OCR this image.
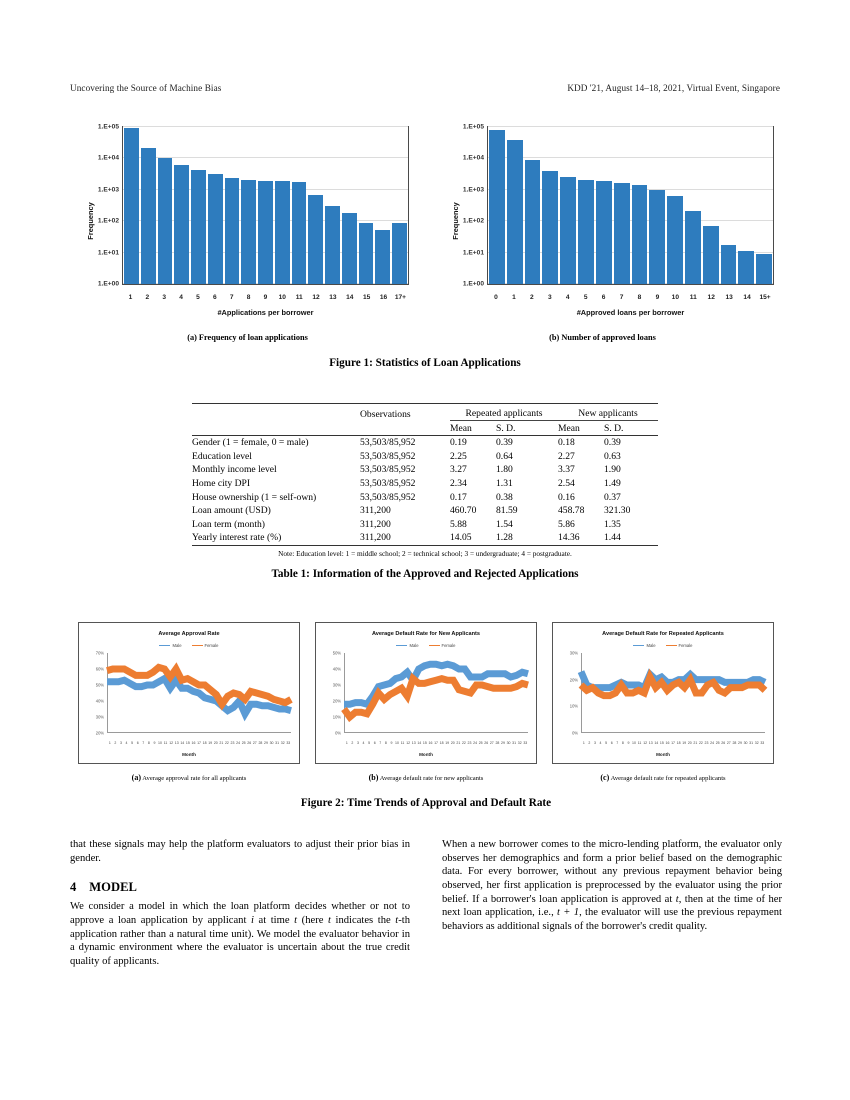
Uncovering the Source of Machine Bias	KDD '21, August 14–18, 2021, Virtual Event, Singapore
Frequency
1.E+00
1.E+01
1.E+02
1.E+03
1.E+04
1.E+05
1	2	3	4	5	6	7	8	9	10	11	12	13	14	15	16	17+
#Applications per borrower
Frequency
1.E+00
1.E+01
1.E+02
1.E+03
1.E+04
1.E+05
0	1	2	3	4	5	6	7	8	9	10	11	12	13	14	15+
#Approved loans per borrower
(a) Frequency of loan applications	(b) Number of approved loans
Figure 1: Statistics of Loan Applications
	Observations	Repeated applicants		New applicants	
		Mean	S. D.	Mean	S. D.
Gender (1 = female, 0 = male)	53,503/85,952	0.19	0.39	0.18	0.39
Education level	53,503/85,952	2.25	0.64	2.27	0.63
Monthly income level	53,503/85,952	3.27	1.80	3.37	1.90
Home city DPI	53,503/85,952	2.34	1.31	2.54	1.49
House ownership (1 = self-own)	53,503/85,952	0.17	0.38	0.16	0.37
Loan amount (USD)	311,200	460.70	81.59	458.78	321.30
Loan term (month)	311,200	5.88	1.54	5.86	1.35
Yearly interest rate (%)	311,200	14.05	1.28	14.36	1.44
Note: Education level: 1 = middle school; 2 = technical school; 3 = undergraduate; 4 = postgraduate.
Table 1: Information of the Approved and Rejected Applications
Average Approval Rate
Male	Female
20%
30%
40%
50%
60%
70%
1	2	3	4	5	6	7	8	9 10 11 12 13 14 15 16 17 18 19 20 21 22 23 24 25 26 27 28 29 30 31 32 33
Month
Average Default Rate for New Applicants
Male	Female
0%
10%
20%
30%
40%
50%
1	2	3	4	5	6	7	8	9 10 11 12 13 14 15 16 17 18 19 20 21 22 23 24 25 26 27 28 29 30 31 32 33
Month
Average Default Rate for Repeated Applicants
Male	Female
0%
10%
20%
30%
1	2	3	4	5	6	7	8	9 10 11 12 13 14 15 16 17 18 19 20 21 22 23 24 25 26 27 28 29 30 31 32 33
Month
(a) Average approval rate for all applicants	(b) Average default rate for new applicants	(c) Average default rate for repeated applicants
Figure 2: Time Trends of Approval and Default Rate

that these signals may help the platform evaluators to adjust their prior bias in gender.

4 MODEL

We consider a model in which the loan platform decides whether or not to approve a loan application by applicant i at time t (here t indicates the t-th application rather than a natural time unit). We model the evaluator behavior in a dynamic environment where the evaluator is uncertain about the true credit quality of applicants.

When a new borrower comes to the micro-lending platform, the evaluator only observes her demographics and form a prior belief based on the demographic data. For every borrower, without any previous repayment behavior being observed, her first application is preprocessed by the evaluator using the prior belief. If a borrower's loan application is approved at t, then at the time of her next loan application, i.e., t + 1, the evaluator will use the previous repayment behaviors as additional signals of the borrower's credit quality.
